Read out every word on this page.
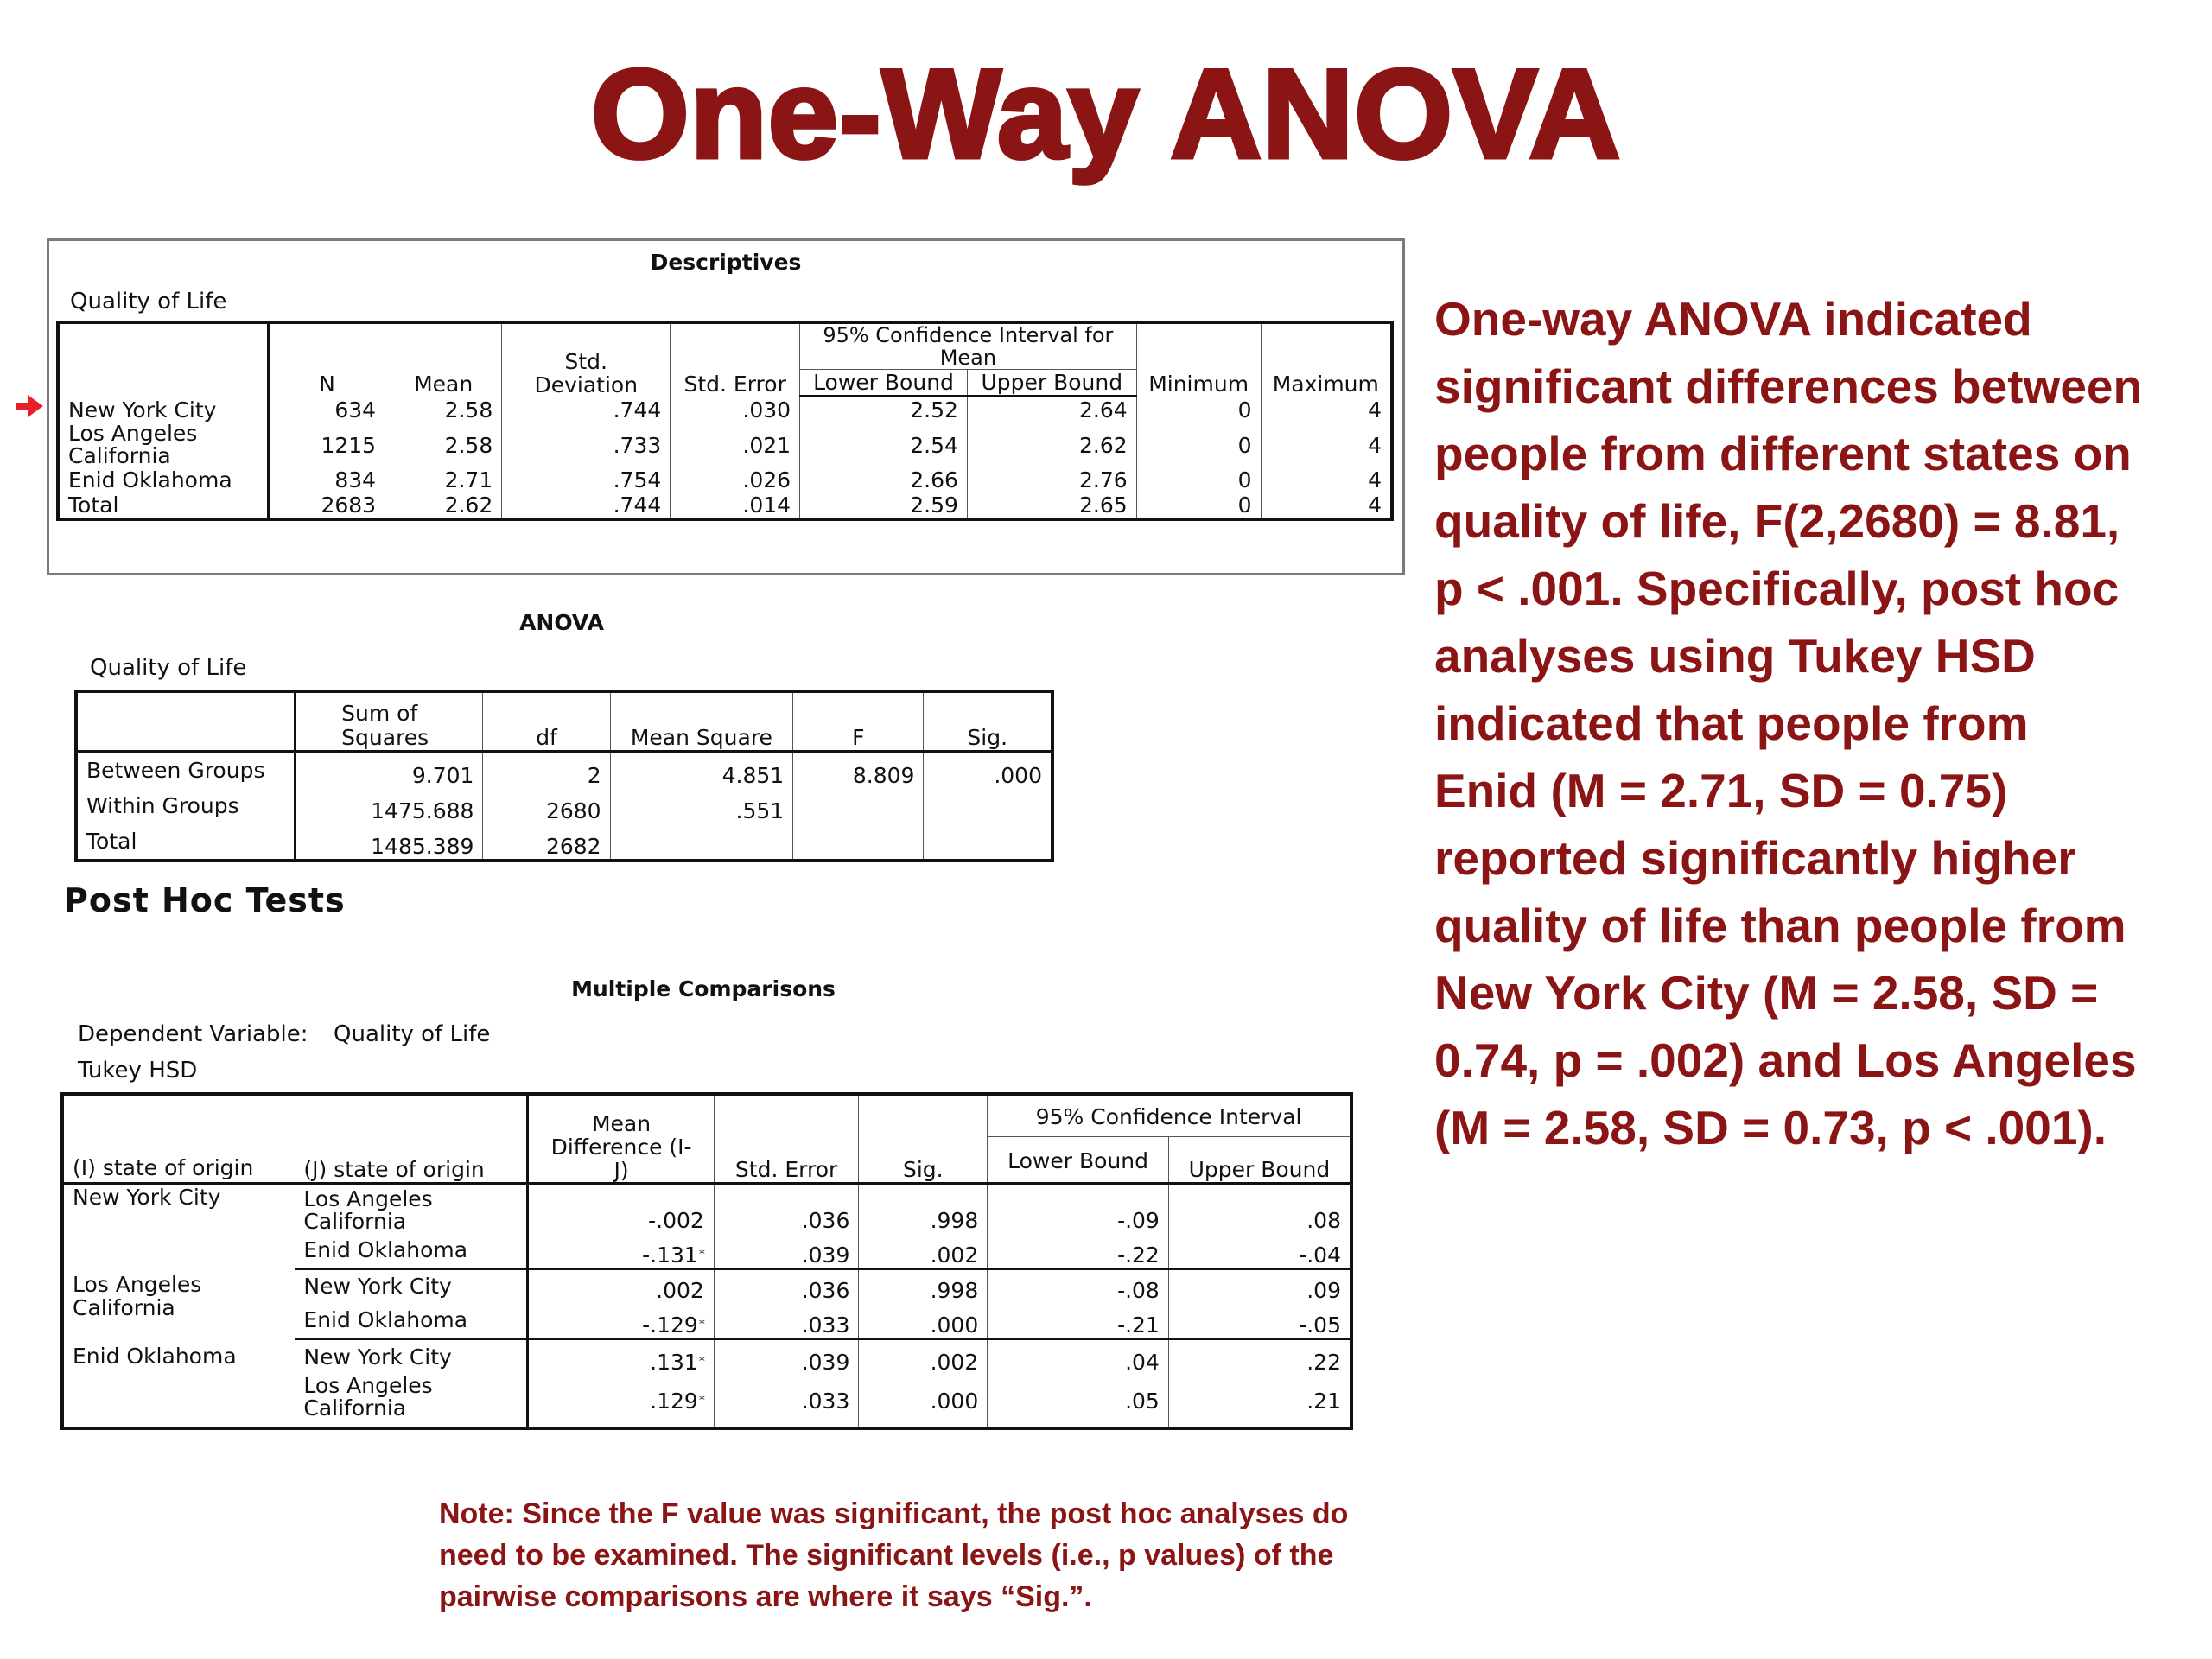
One-Way ANOVA
Descriptives
Quality of Life
	N	Mean	Std.
Deviation	Std. Error	95% Confidence Interval for
Mean		Minimum	Maximum
					Lower Bound	Upper Bound		
New York City	634	2.58	.744	.030	2.52	2.64	0	4
Los Angeles
California	1215	2.58	.733	.021	2.54	2.62	0	4
Enid Oklahoma	834	2.71	.754	.026	2.66	2.76	0	4
Total	2683	2.62	.744	.014	2.59	2.65	0	4
ANOVA
Quality of Life
	Sum of
Squares	df	Mean Square	F	Sig.
Between Groups	9.701	2	4.851	8.809	.000
Within Groups	1475.688	2680	.551		
Total	1485.389	2682			
Post Hoc Tests
Multiple Comparisons
Dependent Variable: Quality of Life
Tukey HSD
(I) state of origin	(J) state of origin	Mean
Difference (I-
J)	Std. Error	Sig.	95% Confidence Interval	
					Lower Bound	Upper Bound

New York City	Los Angeles
California	-.002	.036	.998	-.09	.08
	Enid Oklahoma	-.131*	.039	.002	-.22	-.04
Los Angeles
California	New York City	.002	.036	.998	-.08	.09
	Enid Oklahoma	-.129*	.033	.000	-.21	-.05
Enid Oklahoma	New York City	.131*	.039	.002	.04	.22
	Los Angeles
California	.129*	.033	.000	.05	.21

One-way ANOVA indicated

significant differences between

people from different states on

quality of life, F(2,2680) = 8.81,

p < .001. Specifically, post hoc

analyses using Tukey HSD

indicated that people from

Enid (M = 2.71, SD = 0.75)

reported significantly higher

quality of life than people from

New York City (M = 2.58, SD =

0.74, p = .002) and Los Angeles

(M = 2.58, SD = 0.73, p < .001).

Note: Since the F value was significant, the post hoc analyses do

need to be examined. The significant levels (i.e., p values) of the

pairwise comparisons are where it says “Sig.”.
